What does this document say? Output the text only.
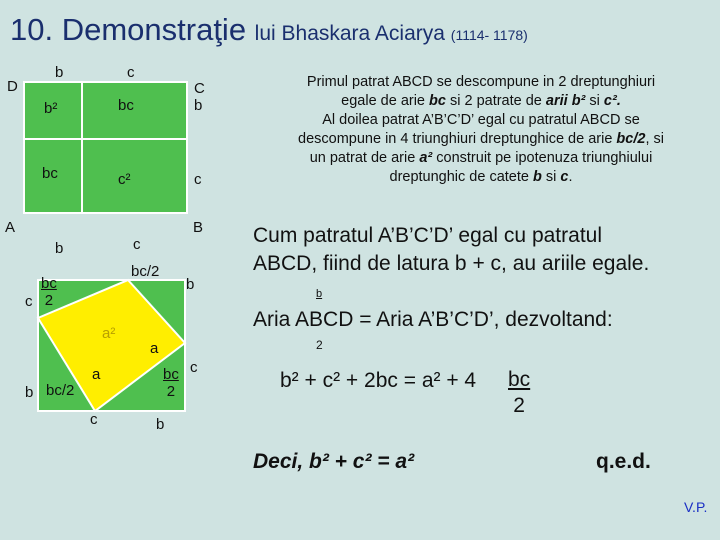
10. Demonstraţie lui Bhaskara Aciarya (1114- 1178)
D
A	B
b	c
C
b
c
b²	bc
bc	c²
c
b
bc/2
b
c $\frac{bc}{2}$
a²
a
a	c
$\frac{bc}{2}$
b bc/2
c	b
Primul patrat ABCD se descompune in 2 dreptunghiuri
egale de arie bc si 2 patrate de arii b² si c².
Al doilea patrat A’B’C’D’ egal cu patratul ABCD se
descompune in 4 triunghiuri dreptunghice de arie bc/2, si
un patrat de arie a² construit pe ipotenuza triunghiului
dreptunghic de catete b si c.
Cum patratul A’B’C’D’ egal cu patratul
ABCD, fiind de latura b + c, au ariile egale.
Aria ABCD = Aria A’B’C’D’, dezvoltand:
b
2
$b^2 + c^2 + 2bc = a^2 + 4 \frac{bc}{2}$
Deci, b² + c² = a²	q.e.d.
V.P.
